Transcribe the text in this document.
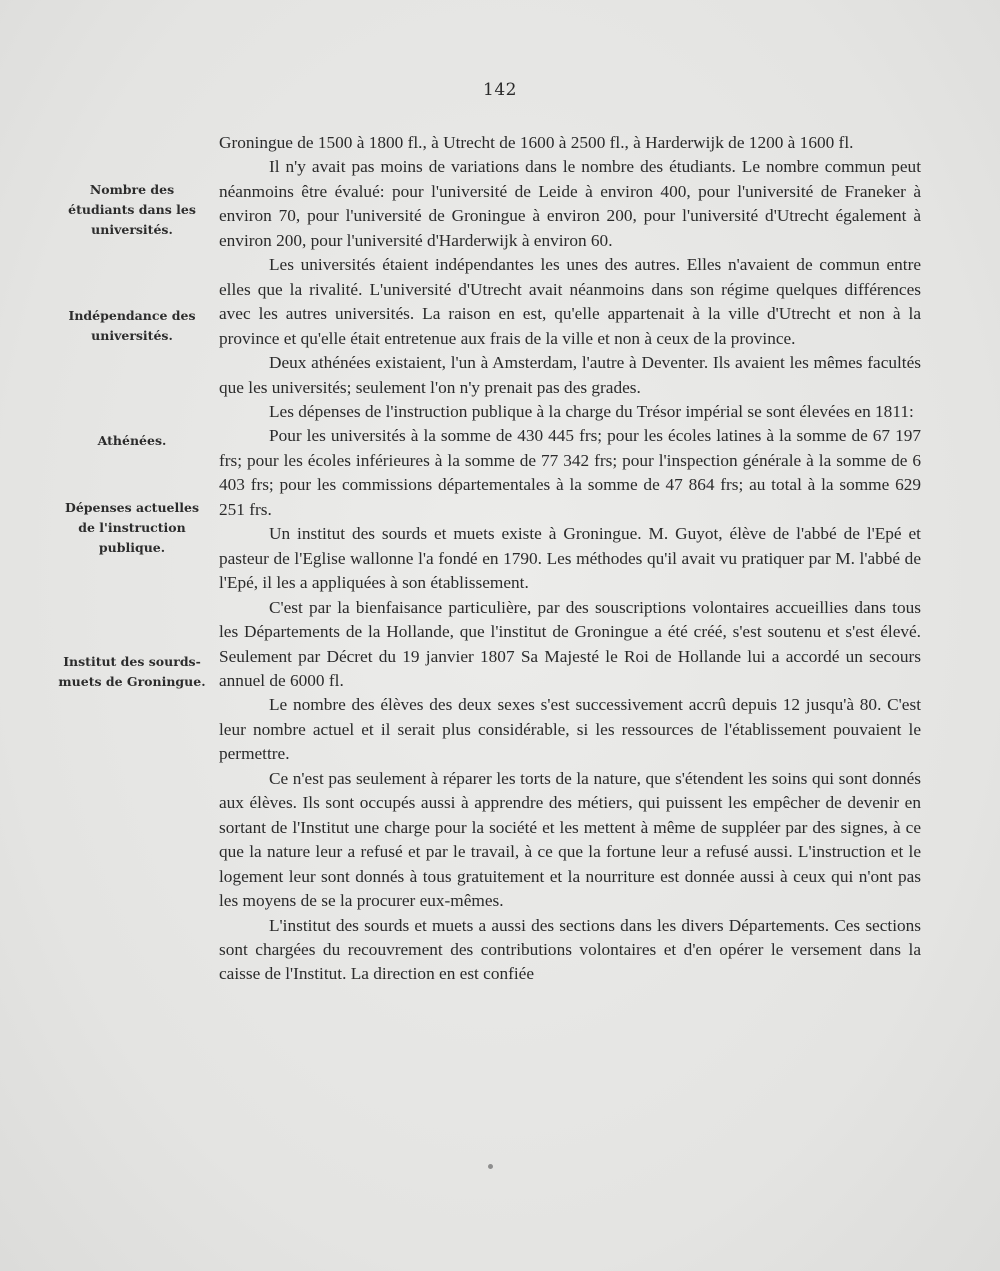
142
Nombre des étudiants dans les universités.
Indépendance des universités.
Athénées.
Dépenses actuelles de l'instruction publique.
Institut des sourds-muets de Groningue.

Groningue de 1500 à 1800 fl., à Utrecht de 1600 à 2500 fl., à Harderwijk de 1200 à 1600 fl.

Il n'y avait pas moins de variations dans le nombre des étudiants. Le nombre commun peut néanmoins être évalué: pour l'université de Leide à environ 400, pour l'université de Franeker à environ 70, pour l'université de Groningue à environ 200, pour l'université d'Utrecht également à environ 200, pour l'université d'Harderwijk à environ 60.

Les universités étaient indépendantes les unes des autres. Elles n'avaient de commun entre elles que la rivalité. L'université d'Utrecht avait néanmoins dans son régime quelques différences avec les autres universités. La raison en est, qu'elle appartenait à la ville d'Utrecht et non à la province et qu'elle était entretenue aux frais de la ville et non à ceux de la province.

Deux athénées existaient, l'un à Amsterdam, l'autre à Deventer. Ils avaient les mêmes facultés que les universités; seulement l'on n'y prenait pas des grades.

Les dépenses de l'instruction publique à la charge du Trésor impérial se sont élevées en 1811:

Pour les universités à la somme de 430 445 frs; pour les écoles latines à la somme de 67 197 frs; pour les écoles inférieures à la somme de 77 342 frs; pour l'inspection générale à la somme de 6 403 frs; pour les commissions départementales à la somme de 47 864 frs; au total à la somme 629 251 frs.

Un institut des sourds et muets existe à Groningue. M. Guyot, élève de l'abbé de l'Epé et pasteur de l'Eglise wallonne l'a fondé en 1790. Les méthodes qu'il avait vu pratiquer par M. l'abbé de l'Epé, il les a appliquées à son établissement.

C'est par la bienfaisance particulière, par des souscriptions volontaires accueillies dans tous les Départements de la Hollande, que l'institut de Groningue a été créé, s'est soutenu et s'est élevé. Seulement par Décret du 19 janvier 1807 Sa Majesté le Roi de Hollande lui a accordé un secours annuel de 6000 fl.

Le nombre des élèves des deux sexes s'est successivement accrû depuis 12 jusqu'à 80. C'est leur nombre actuel et il serait plus considérable, si les ressources de l'établissement pouvaient le permettre.

Ce n'est pas seulement à réparer les torts de la nature, que s'étendent les soins qui sont donnés aux élèves. Ils sont occupés aussi à apprendre des métiers, qui puissent les empêcher de devenir en sortant de l'Institut une charge pour la société et les mettent à même de suppléer par des signes, à ce que la nature leur a refusé et par le travail, à ce que la fortune leur a refusé aussi. L'instruction et le logement leur sont donnés à tous gratuitement et la nourriture est donnée aussi à ceux qui n'ont pas les moyens de se la procurer eux-mêmes.

L'institut des sourds et muets a aussi des sections dans les divers Départements. Ces sections sont chargées du recouvrement des contributions volontaires et d'en opérer le versement dans la caisse de l'Institut. La direction en est confiée
